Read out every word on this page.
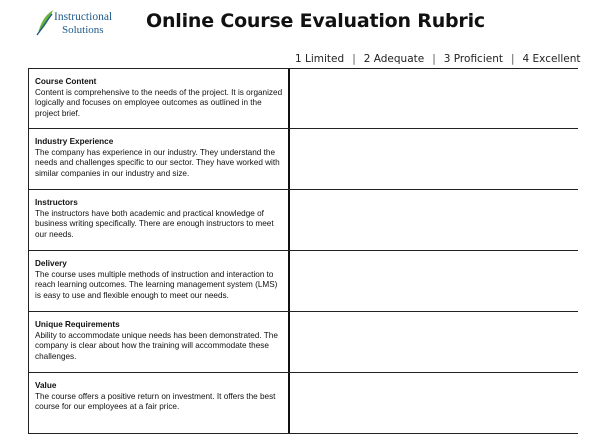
Instructional
Solutions Online Course Evaluation Rubric
1 Limited | 2 Adequate | 3 Proficient | 4 Excellent
Course Content
Content is comprehensive to the needs of the project. It is organized logically and focuses on employee outcomes as outlined in the project brief.
Industry Experience
The company has experience in our industry. They understand the needs and challenges specific to our sector. They have worked with similar companies in our industry and size.
Instructors
The instructors have both academic and practical knowledge of business writing specifically. There are enough instructors to meet our needs.
Delivery
The course uses multiple methods of instruction and interaction to reach learning outcomes. The learning management system (LMS) is easy to use and flexible enough to meet our needs.
Unique Requirements
Ability to accommodate unique needs has been demonstrated. The company is clear about how the training will accommodate these challenges.
Value
The course offers a positive return on investment. It offers the best course for our employees at a fair price.
